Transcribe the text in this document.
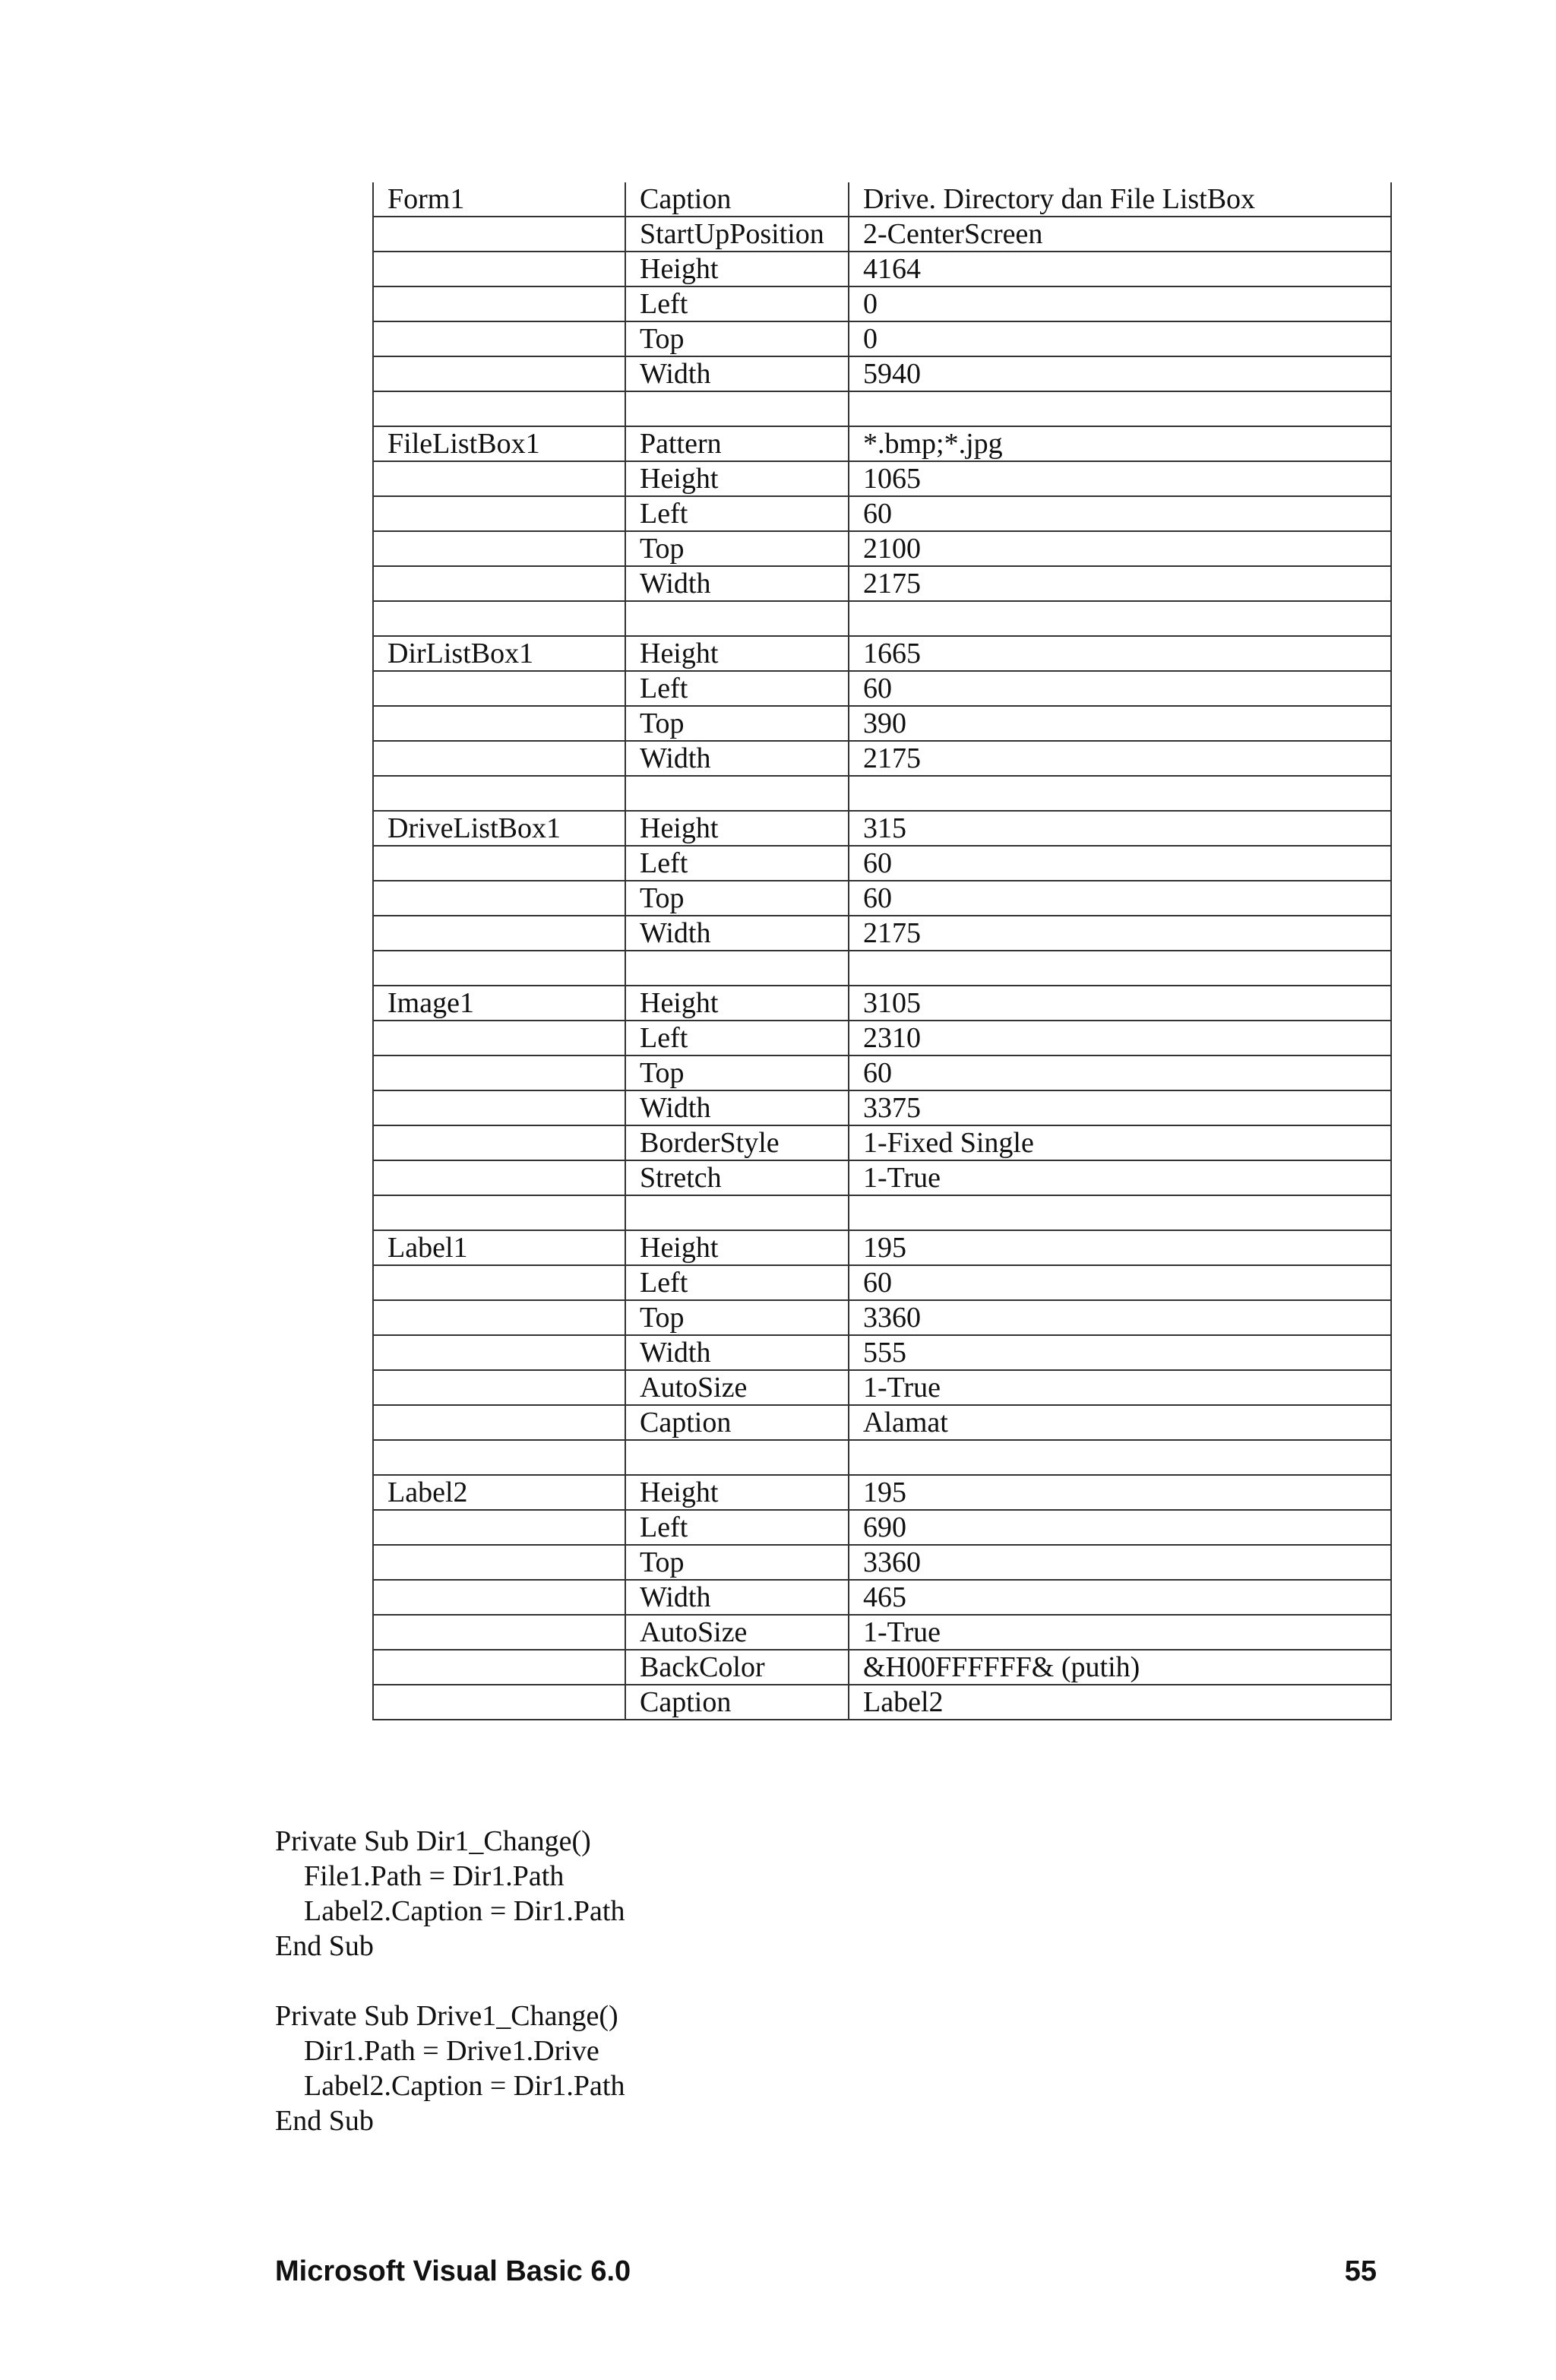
Form1	Caption	Drive. Directory dan File ListBox
	StartUpPosition	2-CenterScreen
	Height	4164
	Left	0
	Top	0
	Width	5940

FileListBox1	Pattern	*.bmp;*.jpg
	Height	1065
	Left	60
	Top	2100
	Width	2175

DirListBox1	Height	1665
	Left	60
	Top	390
	Width	2175

DriveListBox1	Height	315
	Left	60
	Top	60
	Width	2175

Image1	Height	3105
	Left	2310
	Top	60
	Width	3375
	BorderStyle	1-Fixed Single
	Stretch	1-True

Label1	Height	195
	Left	60
	Top	3360
	Width	555
	AutoSize	1-True
	Caption	Alamat

Label2	Height	195
	Left	690
	Top	3360
	Width	465
	AutoSize	1-True
	BackColor	&H00FFFFFF& (putih)
	Caption	Label2
Private Sub Dir1_Change()
File1.Path = Dir1.Path
Label2.Caption = Dir1.Path
End Sub
Private Sub Drive1_Change()
Dir1.Path = Drive1.Drive
Label2.Caption = Dir1.Path
End Sub
Microsoft Visual Basic 6.0	55
